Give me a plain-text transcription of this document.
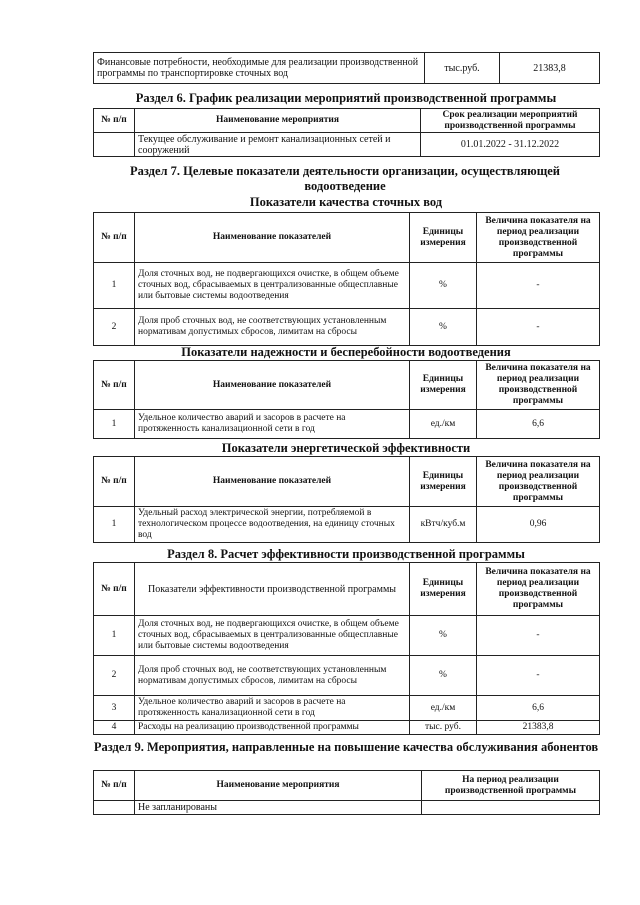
Финансовые потребности, необходимые для реализации производственной программы по транспортировке сточных вод	тыс.руб.	21383,8
Раздел 6. График реализации мероприятий производственной программы
№ п/п	Наименование мероприятия	Срок реализации мероприятий производственной программы
	Текущее обслуживание и ремонт канализационных сетей и сооружений	01.01.2022 - 31.12.2022
Раздел 7. Целевые показатели деятельности организации, осуществляющей водоотведение
Показатели качества сточных вод
№ п/п	Наименование показателей	Единицы измерения	Величина показателя на период реализации производственной программы
1	Доля сточных вод, не подвергающихся очистке, в общем объеме сточных вод, сбрасываемых в централизованные общесплавные или бытовые системы водоотведения	%	-
2	Доля проб сточных вод, не соответствующих установленным нормативам допустимых сбросов, лимитам на сбросы	%	-
Показатели надежности и бесперебойности водоотведения
№ п/п	Наименование показателей	Единицы измерения	Величина показателя на период реализации производственной программы
1	Удельное количество аварий и засоров в расчете на протяженность канализационной сети в год	ед./км	6,6
Показатели энергетической эффективности
№ п/п	Наименование показателей	Единицы измерения	Величина показателя на период реализации производственной программы
1	Удельный расход электрической энергии, потребляемой в технологическом процессе водоотведения, на единицу сточных вод	кВтч/куб.м	0,96
Раздел 8. Расчет эффективности производственной программы
№ п/п	Показатели эффективности производственной программы	Единицы измерения	Величина показателя на период реализации производственной программы
1	Доля сточных вод, не подвергающихся очистке, в общем объеме сточных вод, сбрасываемых в централизованные общесплавные или бытовые системы водоотведения	%	-
2	Доля проб сточных вод, не соответствующих установленным нормативам допустимых сбросов, лимитам на сбросы	%	-
3	Удельное количество аварий и засоров в расчете на протяженность канализационной сети в год	ед./км	6,6
4	Расходы на реализацию производственной программы	тыс. руб.	21383,8
Раздел 9. Мероприятия, направленные на повышение качества обслуживания абонентов
№ п/п	Наименование мероприятия	На период реализации производственной программы
	Не запланированы	
